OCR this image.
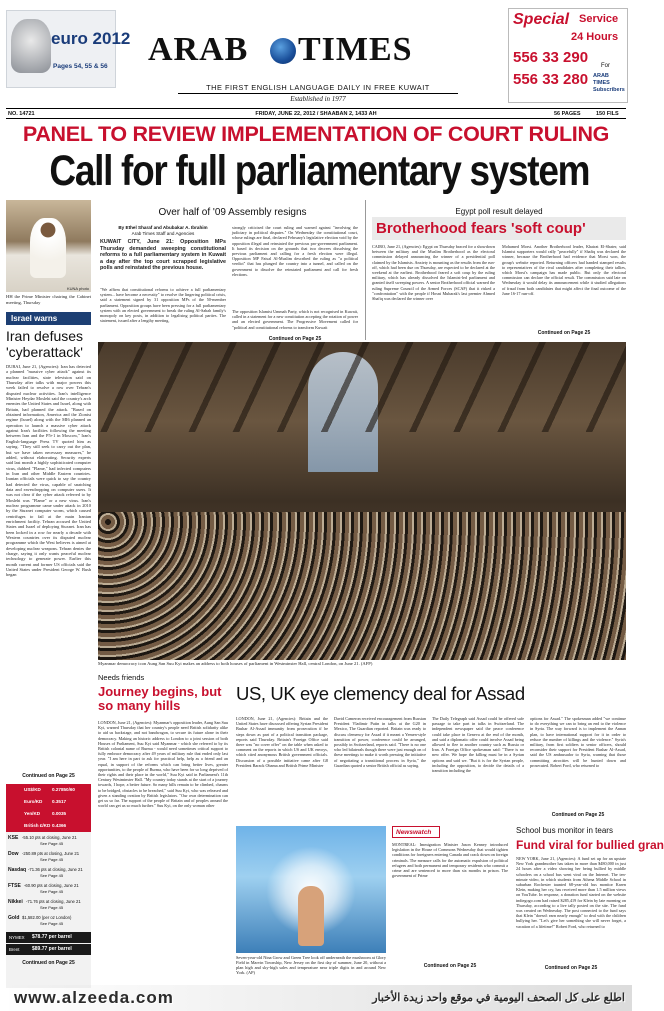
euro 2012
Pages 54, 55 & 56 ARAB TIMES
THE FIRST ENGLISH LANGUAGE DAILY IN FREE KUWAIT
Established in 1977
Special Service
24 Hours
556 33 290 For
556 33 280 ARAB TIMES Subscribers
NO. 14721	FRIDAY, JUNE 22, 2012 / SHAABAN 2, 1433 AH	56 PAGES	150 FILS
PANEL TO REVIEW IMPLEMENTATION OF COURT RULING
Call for full parliamentary system
KUNA photo
HH the Prime Minister chairing the Cabinet meeting, Thursday
Over half of '09 Assembly resigns
By Ethel Sharaf and Abubakar A. Ibrahim
Arab Times Staff and Agencies
KUWAIT CITY, June 21: Opposition MPs Thursday demanded sweeping constitutional reforms to a full parliamentary system in Kuwait a day after the top court scrapped legislative polls and reinstated the previous house.
"We affirm that constitutional reforms to achieve a full parliamentary system... have become a necessity" to resolve the lingering political crisis, said a statement signed by 31 opposition MPs of the 50-member parliament. Opposition groups have been pressing for a full parliamentary system with an elected government to break the ruling Al-Sabah family's monopoly on key posts, in addition to legalising political parties. The statement, issued after a lengthy meeting,
strongly criticised the court ruling and warned against "involving the judiciary in political disputes." On Wednesday the constitutional court, whose rulings are final, declared February's legislative election void by the opposition illegal and reinstated the previous pro-government parliament. It based its decision on the grounds that two decrees dissolving the previous parliament and calling for a fresh election were illegal. Opposition MP Faisal Al-Muslim described the ruling as "a political verdict" that has plunged the country into a tunnel, and called on the government to dissolve the reinstated parliament and call for fresh elections.
The opposition Islamist Ummah Party, which is not recognised in Kuwait, called in a statement for a new constitution accepting the rotation of power and an elected government. The Progressive Movement called for "political and constitutional reforms to transform Kuwait
Continued on Page 25
Egypt poll result delayed
Brotherhood fears 'soft coup'
CAIRO, June 21, (Agencies): Egypt on Thursday braced for a showdown between the military and the Muslim Brotherhood as the electoral commission delayed announcing the winner of a presidential poll claimed by the Islamists. Anxiety is mounting as the results from the run-off, which had been due on Thursday, are expected to be declared at the weekend at the earliest. Brotherhood feared a soft coup by the ruling military, which has already dissolved the Islamist-led parliament and granted itself sweeping powers. A senior Brotherhood official warned the ruling Supreme Council of the Armed Forces (SCAF) that it risked a "confrontation" with the people if Hosni Mubarak's last premier Ahmed Shafiq was declared the winner over
Mohamed Morsi. Another Brotherhood leader, Khairat El-Shater, said Islamist supporters would rally "peacefully" if Shafiq was declared the winner, because the Brotherhood had evidence that Morsi won, the group's website reported. Returning officers had handed stamped results to representatives of the rival candidates after completing their tallies, which Morsi's campaign has made public. But only the electoral commission can declare the official result. The commission said late on Wednesday it would delay its announcement while it studied allegations of fraud from both candidates that might affect the final outcome of the June 16-17 run-off.
Continued on Page 25
Israel warns
Iran defuses 'cyberattack'
DUBAI, June 21, (Agencies): Iran has detected a planned "massive cyber attack" against its nuclear facilities, state television said on Thursday after talks with major powers this week failed to resolve a row over Tehran's disputed nuclear activities. Iran's intelligence Minister Heydar Moslehi said the country's arch enemies the United States and Israel, along with Britain, had planned the attack. "Based on obtained information, America and the Zionist regime (Israel) along with the MI6 planned an operation to launch a massive cyber attack against Iran's facilities following the meeting between Iran and the P5+1 in Moscow," Iran's English-language Press TV quoted him as saying. "They still seek to carry out the plan, but we have taken necessary measures," he added, without elaborating. Security experts said last month a highly sophisticated computer virus, dubbed "Flame," had infected computers in Iran and other Middle Eastern countries. Iranian officials were quick to say the country had detected the virus, capable of snatching data and eavesdropping on computer users. It was not clear if the cyber attack referred to by Moslehi was "Flame" or a new virus. Iran's nuclear programme came under attack in 2010 by the Stuxnet computer worm, which caused centrifuges to fail at the main Iranian enrichment facility. Tehran accused the United States and Israel of deploying Stuxnet. Iran has been locked in a row for nearly a decade with Western countries over its disputed nuclear programme which the West believes is aimed at developing nuclear weapons. Tehran denies the charge, saying it only wants peaceful nuclear technology to generate power. Earlier this month current and former US officials said the United States under President George W. Bush began
Continued on Page 25
Myanmar democracy icon Aung San Suu Kyi makes an address to both houses of parliament in Westminster Hall, central London, on June 21. (AFP)
Needs friends
Journey begins, but so many hills
LONDON, June 21, (Agencies): Myanmar's opposition leader, Aung San Suu Kyi, warned Thursday that her country's people need British solidarity alike to aid us backstage, and not bandwagon, to secure its future alone in their democracy. Making an historic address to London to a joint session of both Houses of Parliament, Suu Kyi said Myanmar - which she referred to by its British colonial name of Burma - would need sometimes critical support to fully embrace democracy after 49 years of military rule that ended only last year. "I am here in part to ask for practical help, help as a friend and an equal, in support of the reforms which can bring better lives, greater opportunities, to the people of Burma, who have been for so long deprived of their rights and their place in the world," Suu Kyi said in Parliament's 11th Century Westminster Hall. "My country today stands at the start of a journey towards, I hope, a better future. So many hills remain to be climbed, chasms to be bridged, obstacles to be breached," said Suu Kyi, who was released and given a standing ovation by British legislators. "Our own determination can get us so far. The support of the people of Britain and of peoples around the world can get us so much further." Suu Kyi, on the only woman other
US$/KD 0.27850/60
Euro/KD 0.3517
Yen/KD	0.0035
British £/KD 0.4366
KSE -55.10 pts at closing, June 21
See Page 45
Dow -250.89 pts at closing, June 21
See Page 45
Nasdaq -71.36 pts at closing, June 21
See Page 45
FTSE -60.90 pts at closing, June 21
See Page 45
Nikkei -71.76 pts at closing, June 21
See Page 45
Gold $1,582.00 (per oz London)
See Page 45
NYMEX $78.77 per barrel
Brent	$89.77 per barrel
Continued on Page 25
US, UK eye clemency deal for Assad
LONDON, June 21, (Agencies): Britain and the United States have discussed offering Syrian President Bashar Al-Assad immunity from prosecution if he steps down as part of a political transition package, reports said Thursday. Britain's Foreign Office said there was "no cover offer" on the table when asked to comment on the reports in which US and UK envoys, which cited anonymous British government officials. Discussion of a possible initiative came after G8 President Barack Obama and British Prime Minister
David Cameron received encouragement from Russian President Vladimir Putin in talks at the G20 in Mexico, The Guardian reported. Britain was ready to discuss clemency for Assad if it meant a Yemen-style transition of power, conference could be arranged, possibly in Switzerland, reports said. "There is no one who led bilaterals though there were just enough on of these meetings to make it worth pressing the initiative of negotiating a transitional process in Syria," the Guardian quoted a senior British official as saying.
The Daily Telegraph said Assad could be offered safe passage to take part in talks in Switzerland. The independent newspaper said the peace conference could take place in Geneva at the end of the month, and said a diplomatic offer could involve Assad being allowed to flee to another country such as Russia or Iran. A Foreign Office spokesman said: "There is no new offer. We hope the killing must be in a Syrian options and said we. "But it is for the Syrian people, including the opposition, to decide the details of a transition including the
options for Assad." The spokesman added "we continue to do everything we can to bring an end to the violence in Syria. The way forward is to implement the Annan plan, to have international support for it in order to reduce the number of killings and the violence." Syria's military, from first soldiers to senior officers, should reconsider their support for President Bashar Al-Assad, said the US ambassador to Syria, warning that those committing atrocities will be hunted down and prosecuted. Robert Ford, who returned to
Continued on Page 25
Newswatch
MONTREAL: Immigration Minister Jason Kenney introduced legislation in the House of Commons Wednesday that would tighten conditions for foreigners entering Canada and crack down on foreign criminals. The measure calls for the automatic expulsion of political refugees and both permanent and temporary residents who commit a crime and are sentenced to more than six months in prison. The government of Prime
Continued on Page 25
Seven-year-old Nina Grow and Green Tree look off underneath the mushroom at Glory Field in Marvin Township, New Jersey on the first day of summer, June 20, without a plan high and sky-high sales and temperature near triple digits in and around New York. (AP)
School bus monitor in tears
Fund viral for bullied gran
NEW YORK, June 21, (Agencies): A fund set up for an upstate New York grandmother has taken in more than $480,000 in just 24 hours after a video showing her being bullied by middle schoolers on a school bus went viral on the Internet. The ten-minute video, in which students from Athena Middle School in suburban Rochester taunted 68-year-old bus monitor Karen Klein, making her cry, has received more than 1.5 million views on YouTube. In response, a donation fund started on the website indiegogo.com had raised $285,419 for Klein by late morning on Thursday, according to a live tally posted on the site. The fund was created on Wednesday. The post connected to the fund says that Klein "doesn't earn nearly enough" to deal with the children bullying her. "Let's give her something she will never forget, a vacation of a lifetime!" Robert Ford, who returned to
Continued on Page 25
www.alzeeda.com	اطلع على كل الصحف اليومية في موقع واحد زيدة الأخبار
